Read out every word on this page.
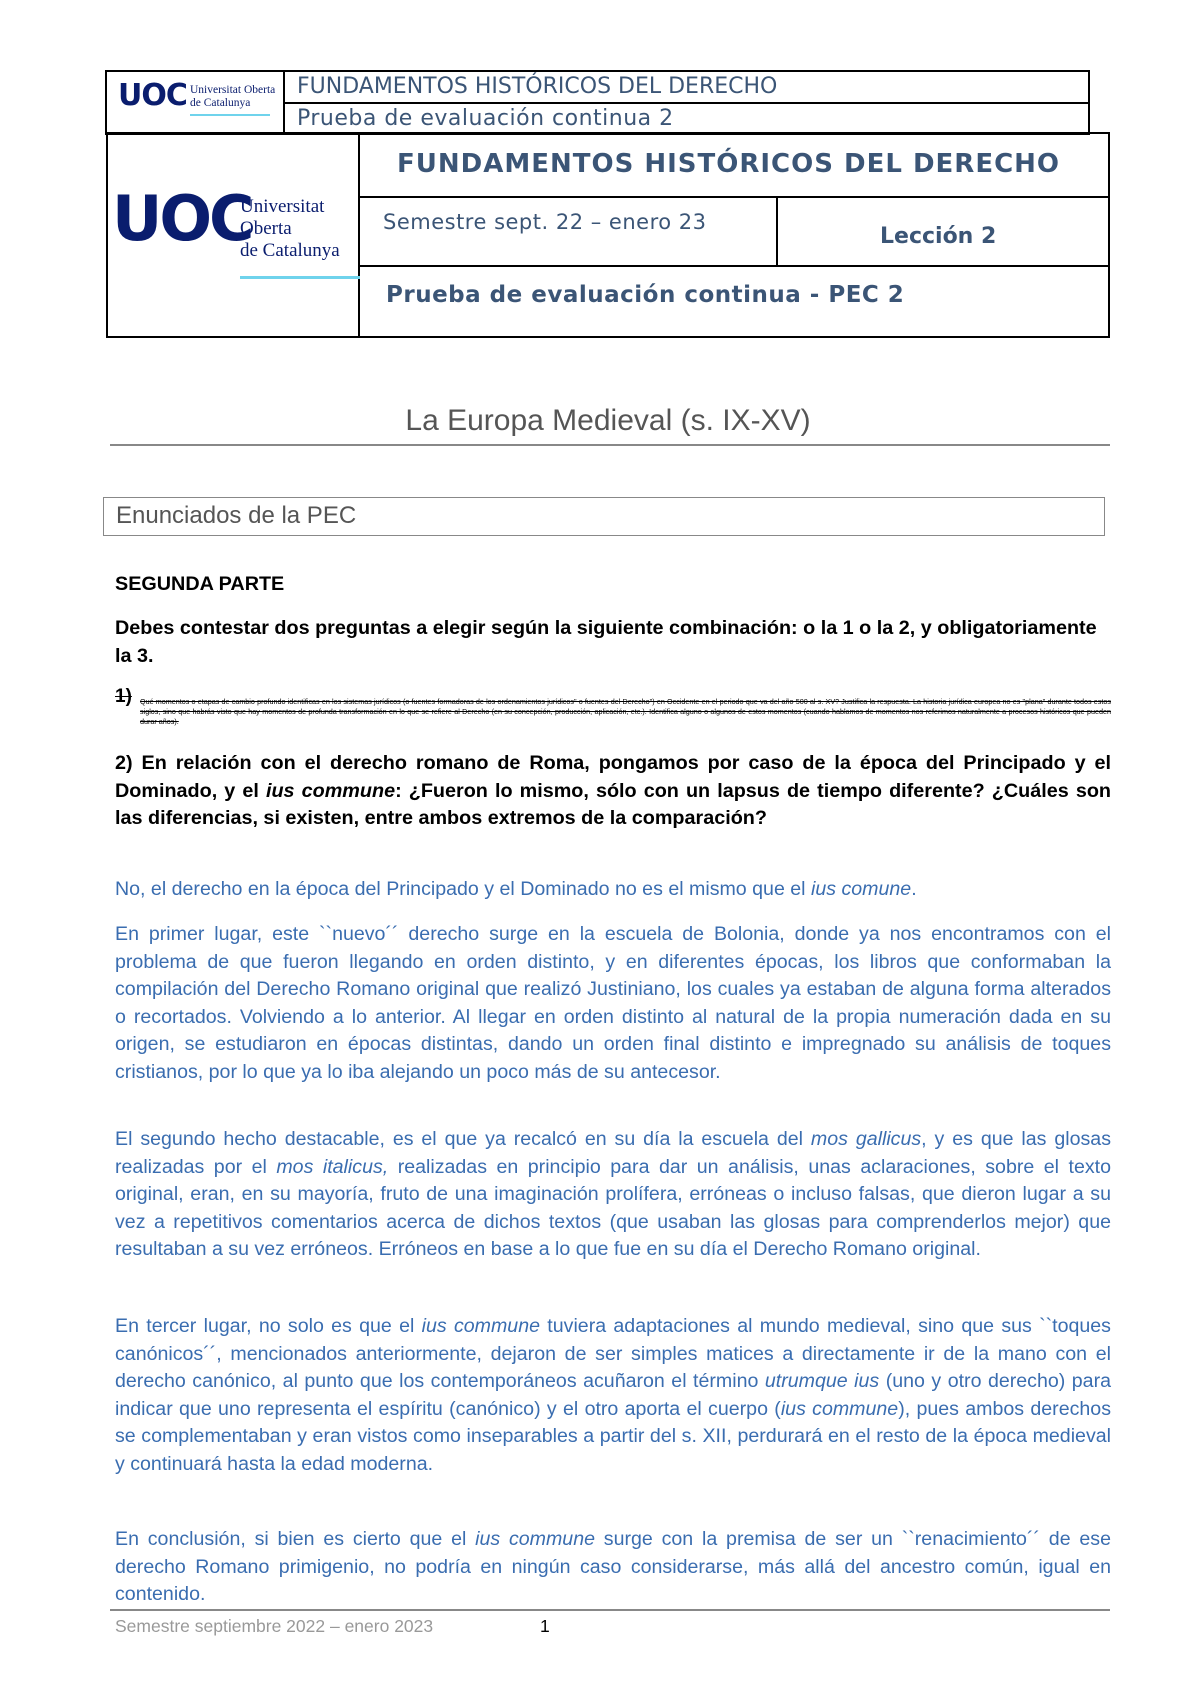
UOC Universitat Oberta
de Catalunya
FUNDAMENTOS HISTÓRICOS DEL DERECHO
Prueba de evaluación continua 2
UOC
Universitat
Oberta
de Catalunya
FUNDAMENTOS HISTÓRICOS DEL DERECHO
Semestre sept. 22 – enero 23
Lección 2
Prueba de evaluación continua - PEC 2
La Europa Medieval (s. IX-XV)
Enunciados de la PEC
SEGUNDA PARTE
Debes contestar dos preguntas a elegir según la siguiente combinación: o la 1 o la 2, y obligatoriamente la 3.
1) Qué momentos o etapas de cambio profundo identificas en los sistemas jurídicos (o fuentes formadoras de los ordenamientos jurídicos" o fuentes del Derecho") en Occidente en el periodo que va del año 500 al s. XV? Justifica la respuesta. La historia jurídica europea no es "plana" durante todos estos siglos, sino que habrás visto que hay momentos de profunda transformación en lo que se refiere al Derecho (en su concepción, producción, aplicación, etc.). Identifica alguno o algunos de estos momentos (cuando hablamos de momentos nos referimos naturalmente a procesos históricos que pueden durar años).
2) En relación con el derecho romano de Roma, pongamos por caso de la época del Principado y el Dominado, y el ius commune: ¿Fueron lo mismo, sólo con un lapsus de tiempo diferente? ¿Cuáles son las diferencias, si existen, entre ambos extremos de la comparación?
No, el derecho en la época del Principado y el Dominado no es el mismo que el ius comune.
En primer lugar, este ``nuevo´´ derecho surge en la escuela de Bolonia, donde ya nos encontramos con el problema de que fueron llegando en orden distinto, y en diferentes épocas, los libros que conformaban la compilación del Derecho Romano original que realizó Justiniano, los cuales ya estaban de alguna forma alterados o recortados. Volviendo a lo anterior. Al llegar en orden distinto al natural de la propia numeración dada en su origen, se estudiaron en épocas distintas, dando un orden final distinto e impregnado su análisis de toques cristianos, por lo que ya lo iba alejando un poco más de su antecesor.
El segundo hecho destacable, es el que ya recalcó en su día la escuela del mos gallicus, y es que las glosas realizadas por el mos italicus, realizadas en principio para dar un análisis, unas aclaraciones, sobre el texto original, eran, en su mayoría, fruto de una imaginación prolífera, erróneas o incluso falsas, que dieron lugar a su vez a repetitivos comentarios acerca de dichos textos (que usaban las glosas para comprenderlos mejor) que resultaban a su vez erróneos. Erróneos en base a lo que fue en su día el Derecho Romano original.
En tercer lugar, no solo es que el ius commune tuviera adaptaciones al mundo medieval, sino que sus ``toques canónicos´´, mencionados anteriormente, dejaron de ser simples matices a directamente ir de la mano con el derecho canónico, al punto que los contemporáneos acuñaron el término utrumque ius (uno y otro derecho) para indicar que uno representa el espíritu (canónico) y el otro aporta el cuerpo (ius commune), pues ambos derechos se complementaban y eran vistos como inseparables a partir del s. XII, perdurará en el resto de la época medieval y continuará hasta la edad moderna.
En conclusión, si bien es cierto que el ius commune surge con la premisa de ser un ``renacimiento´´ de ese derecho Romano primigenio, no podría en ningún caso considerarse, más allá del ancestro común, igual en contenido.
Semestre septiembre 2022 – enero 2023	1
